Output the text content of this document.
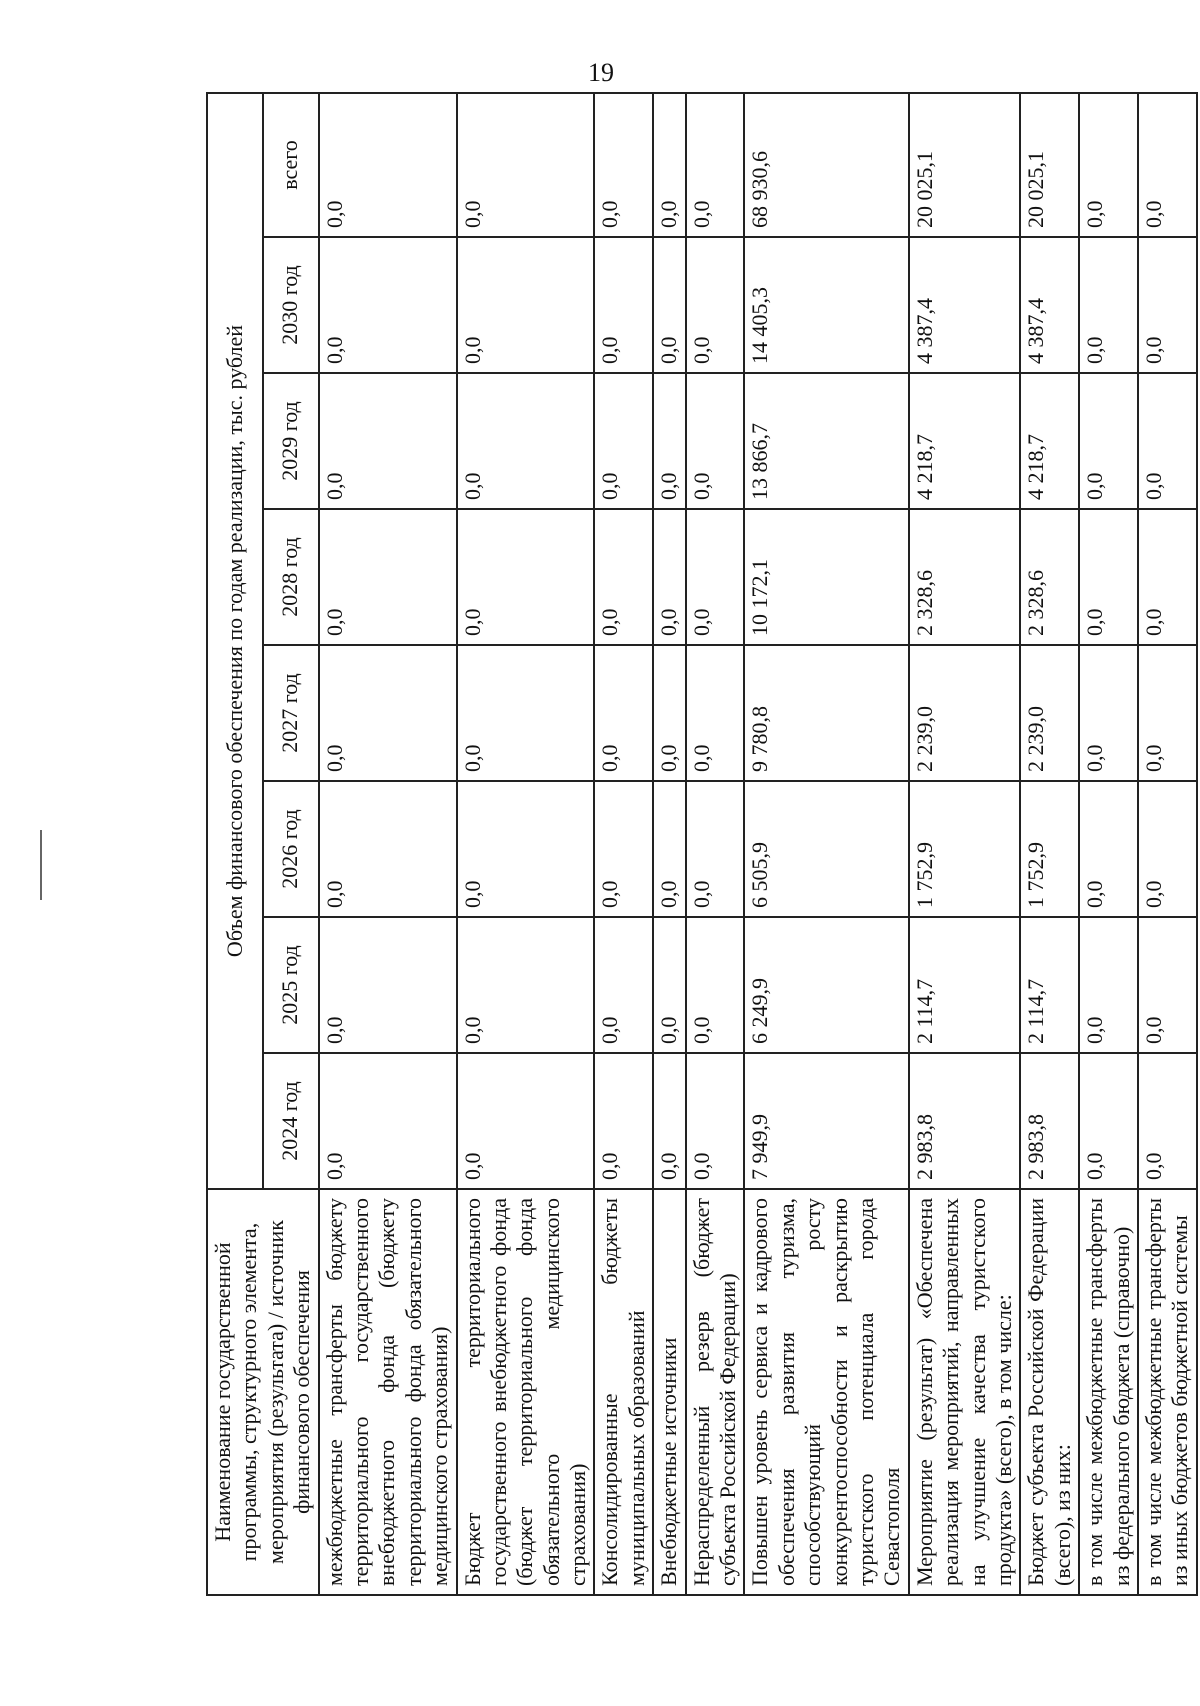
19
Наименование государственной программы, структурного элемента, мероприятия (результата) / источник финансового обеспечения	Объем финансового обеспечения по годам реализации, тыс. рублей							
	2024 год	2025 год	2026 год	2027 год	2028 год	2029 год	2030 год	всего
межбюджетные трансферты бюджету территориального государственного внебюджетного фонда (бюджету территориального фонда обязательного медицинского страхования)	0,0	0,0	0,0	0,0	0,0	0,0	0,0	0,0
Бюджет территориального государственного внебюджетного фонда (бюджет территориального фонда обязательного медицинского страхования)	0,0	0,0	0,0	0,0	0,0	0,0	0,0	0,0
Консолидированные бюджеты муниципальных образований	0,0	0,0	0,0	0,0	0,0	0,0	0,0	0,0
Внебюджетные источники	0,0	0,0	0,0	0,0	0,0	0,0	0,0	0,0
Нераспределенный резерв (бюджет субъекта Российской Федерации)	0,0	0,0	0,0	0,0	0,0	0,0	0,0	0,0
Повышен уровень сервиса и кадрового обеспечения развития туризма, способствующий росту конкурентоспособности и раскрытию туристского потенциала города Севастополя	7 949,9	6 249,9	6 505,9	9 780,8	10 172,1	13 866,7	14 405,3	68 930,6
Мероприятие (результат) «Обеспечена реализация мероприятий, направленных на улучшение качества туристского продукта» (всего), в том числе:	2 983,8	2 114,7	1 752,9	2 239,0	2 328,6	4 218,7	4 387,4	20 025,1
Бюджет субъекта Российской Федерации (всего), из них:	2 983,8	2 114,7	1 752,9	2 239,0	2 328,6	4 218,7	4 387,4	20 025,1
в том числе межбюджетные трансферты из федерального бюджета (справочно)	0,0	0,0	0,0	0,0	0,0	0,0	0,0	0,0
в том числе межбюджетные трансферты из иных бюджетов бюджетной системы	0,0	0,0	0,0	0,0	0,0	0,0	0,0	0,0
